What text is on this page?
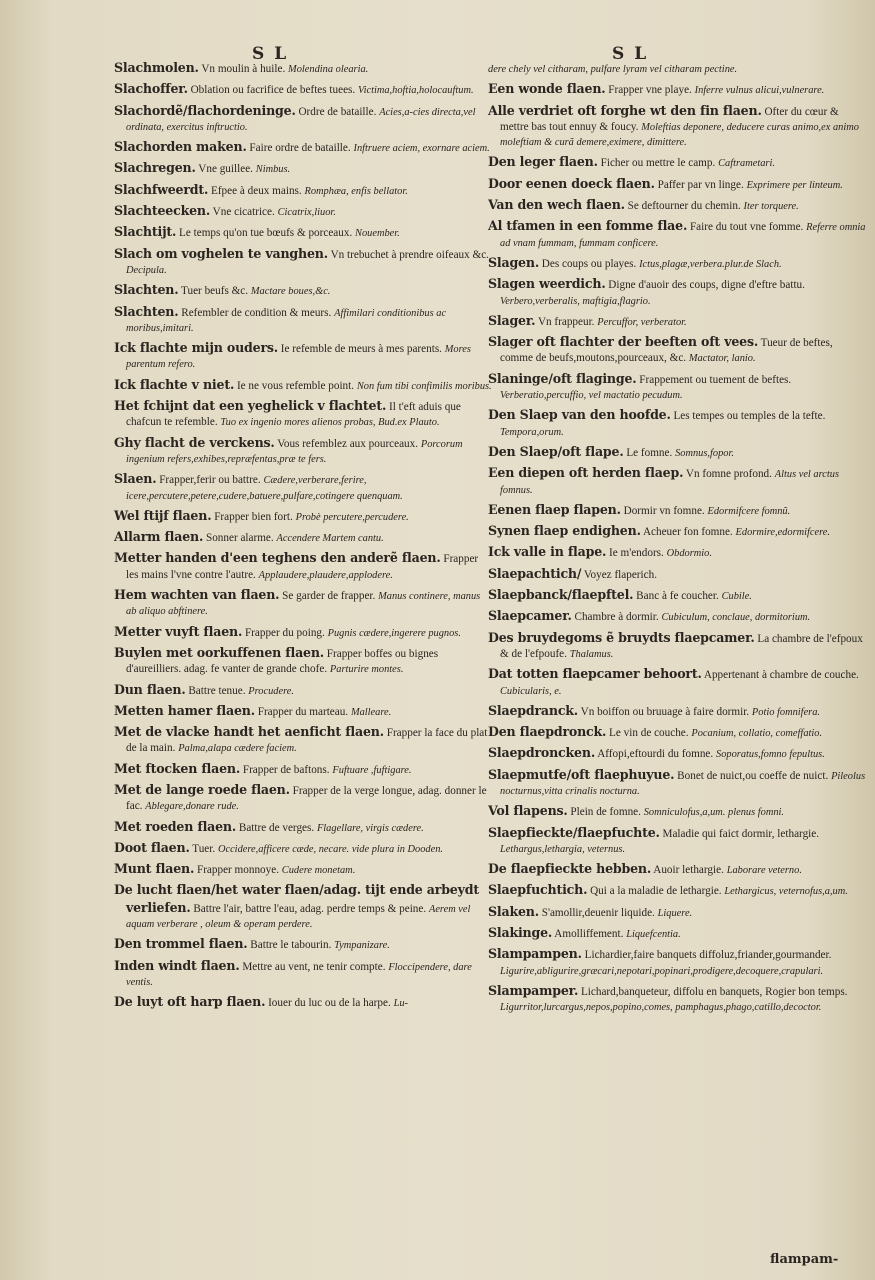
S L	S L

Slachmolen. Vn moulin à huile. Molendina olearia.

Slachoffer. Oblation ou facrifice de beftes tuees. Victima,hoftia,holocauftum.

Slachordẽ/flachordeninge. Ordre de bataille. Acies,a-cies directa,vel ordinata, exercitus inftructio.

Slachorden maken. Faire ordre de bataille. Inftruere aciem, exornare aciem.

Slachregen. Vne guillee. Nimbus.

Slachfweerdt. Efpee à deux mains. Romphæa, enfis bellator.

Slachteecken. Vne cicatrice. Cicatrix,liuor.

Slachtijt. Le temps qu'on tue bœufs & porceaux. Nouember.

Slach om voghelen te vanghen. Vn trebuchet à prendre oifeaux &c. Decipula.

Slachten. Tuer beufs &c. Mactare boues,&c.

Slachten. Refembler de condition & meurs. Affimilari conditionibus ac moribus,imitari.

Ick flachte mijn ouders. Ie refemble de meurs à mes parents. Mores parentum refero.

Ick flachte v niet. Ie ne vous refemble point. Non fum tibi confimilis moribus.

Het fchijnt dat een yeghelick v flachtet. Il t'eft aduis que chafcun te refemble. Tuo ex ingenio mores alienos probas, Bud.ex Plauto.

Ghy flacht de verckens. Vous refemblez aux pourceaux. Porcorum ingenium refers,exhibes,repræfentas,præ te fers.

Slaen. Frapper,ferir ou battre. Cædere,verberare,ferire, icere,percutere,petere,cudere,batuere,pulfare,cotingere quenquam.

Wel ftijf flaen. Frapper bien fort. Probè percutere,percudere.

Allarm flaen. Sonner alarme. Accendere Martem cantu.

Metter handen d'een teghens den anderẽ flaen. Frapper les mains l'vne contre l'autre. Applaudere,plaudere,applodere.

Hem wachten van flaen. Se garder de frapper. Manus continere, manus ab aliquo abftinere.

Metter vuyft flaen. Frapper du poing. Pugnis cædere,ingerere pugnos.

Buylen met oorkuffenen flaen. Frapper boffes ou bignes d'aureilliers. adag. fe vanter de grande chofe. Parturire montes.

Dun flaen. Battre tenue. Procudere.

Metten hamer flaen. Frapper du marteau. Malleare.

Met de vlacke handt het aenficht flaen. Frapper la face du plat de la main. Palma,alapa cædere faciem.

Met ftocken flaen. Frapper de baftons. Fuftuare ,fuftigare.

Met de lange roede flaen. Frapper de la verge longue, adag. donner le fac. Ablegare,donare rude.

Met roeden flaen. Battre de verges. Flagellare, virgis cædere.

Doot flaen. Tuer. Occidere,afficere cæde, necare. vide plura in Dooden.

Munt flaen. Frapper monnoye. Cudere monetam.

De lucht flaen/het water flaen/adag. tijt ende arbeydt verliefen. Battre l'air, battre l'eau, adag. perdre temps & peine. Aerem vel aquam verberare , oleum & operam perdere.

Den trommel flaen. Battre le tabourin. Tympanizare.

Inden windt flaen. Mettre au vent, ne tenir compte. Floccipendere, dare ventis.

De luyt oft harp flaen. Iouer du luc ou de la harpe. Lu-

dere chely vel citharam, pulfare lyram vel citharam pectine.

Een wonde flaen. Frapper vne playe. Inferre vulnus alicui,vulnerare.

Alle verdriet oft forghe wt den fin flaen. Ofter du cœur & mettre bas tout ennuy & foucy. Moleftias deponere, deducere curas animo,ex animo moleftiam & curã demere,eximere, dimittere.

Den leger flaen. Ficher ou mettre le camp. Caftrametari.

Door eenen doeck flaen. Paffer par vn linge. Exprimere per linteum.

Van den wech flaen. Se deftourner du chemin. Iter torquere.

Al tfamen in een fomme flae. Faire du tout vne fomme. Referre omnia ad vnam fummam, fummam conficere.

Slagen. Des coups ou playes. Ictus,plagæ,verbera.plur.de Slach.

Slagen weerdich. Digne d'auoir des coups, digne d'eftre battu. Verbero,verberalis, maftigia,flagrio.

Slager. Vn frappeur. Percuffor, verberator.

Slager oft flachter der beeften oft vees. Tueur de beftes, comme de beufs,moutons,pourceaux, &c. Mactator, lanio.

Slaninge/oft flaginge. Frappement ou tuement de beftes. Verberatio,percuffio, vel mactatio pecudum.

Den Slaep van den hoofde. Les tempes ou temples de la tefte. Tempora,orum.

Den Slaep/oft flape. Le fomne. Somnus,fopor.

Een diepen oft herden flaep. Vn fomne profond. Altus vel arctus fomnus.

Eenen flaep flapen. Dormir vn fomne. Edormifcere fomnũ.

Synen flaep endighen. Acheuer fon fomne. Edormire,edormifcere.

Ick valle in flape. Ie m'endors. Obdormio.

Slaepachtich/ Voyez flaperich.

Slaepbanck/flaepftel. Banc à fe coucher. Cubile.

Slaepcamer. Chambre à dormir. Cubiculum, conclaue, dormitorium.

Des bruydegoms ẽ bruydts flaepcamer. La chambre de l'efpoux & de l'efpoufe. Thalamus.

Dat totten flaepcamer behoort. Appertenant à chambre de couche. Cubicularis, e.

Slaepdranck. Vn boiffon ou bruuage à faire dormir. Potio fomnifera.

Den flaepdronck. Le vin de couche. Pocanium, collatio, comeffatio.

Slaepdroncken. Affopi,eftourdi du fomne. Soporatus,fomno fepultus.

Slaepmutfe/oft flaephuyue. Bonet de nuict,ou coeffe de nuict. Pileolus nocturnus,vitta crinalis nocturna.

Vol flapens. Plein de fomne. Somniculofus,a,um. plenus fomni.

Slaepfieckte/flaepfuchte. Maladie qui faict dormir, lethargie. Lethargus,lethargia, veternus.

De flaepfieckte hebben. Auoir lethargie. Laborare veterno.

Slaepfuchtich. Qui a la maladie de lethargie. Lethargicus, veternofus,a,um.

Slaken. S'amollir,deuenir liquide. Liquere.

Slakinge. Amolliffement. Liquefcentia.

Slampampen. Lichardier,faire banquets diffoluz,friander,gourmander. Ligurire,abligurire,græcari,nepotari,popinari,prodigere,decoquere,crapulari.

Slampamper. Lichard,banqueteur, diffolu en banquets, Rogier bon temps. Ligurritor,lurcargus,nepos,popino,comes, pamphagus,phago,catillo,decoctor.

flampam-
